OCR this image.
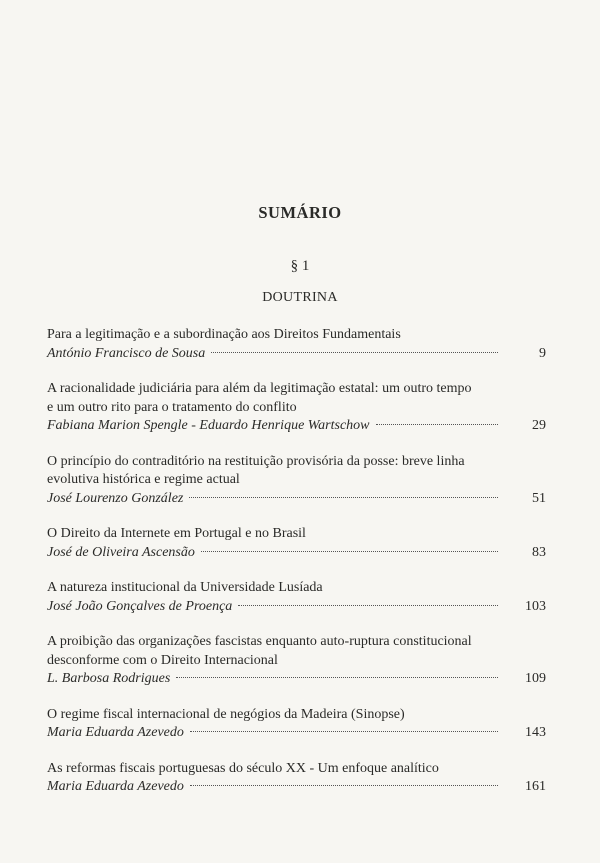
SUMÁRIO
§ 1
DOUTRINA
Para a legitimação e a subordinação aos Direitos Fundamentais
António Francisco de Sousa	9
A racionalidade judiciária para além da legitimação estatal: um outro tempo
e um outro rito para o tratamento do conflito
Fabiana Marion Spengle - Eduardo Henrique Wartschow	29
O princípio do contraditório na restituição provisória da posse: breve linha
evolutiva histórica e regime actual
José Lourenzo González	51
O Direito da Internete em Portugal e no Brasil
José de Oliveira Ascensão	83
A natureza institucional da Universidade Lusíada
José João Gonçalves de Proença	103
A proibição das organizações fascistas enquanto auto-ruptura constitucional
desconforme com o Direito Internacional
L. Barbosa Rodrigues	109
O regime fiscal internacional de negógios da Madeira (Sinopse)
Maria Eduarda Azevedo	143
As reformas fiscais portuguesas do século XX - Um enfoque analítico
Maria Eduarda Azevedo	161
